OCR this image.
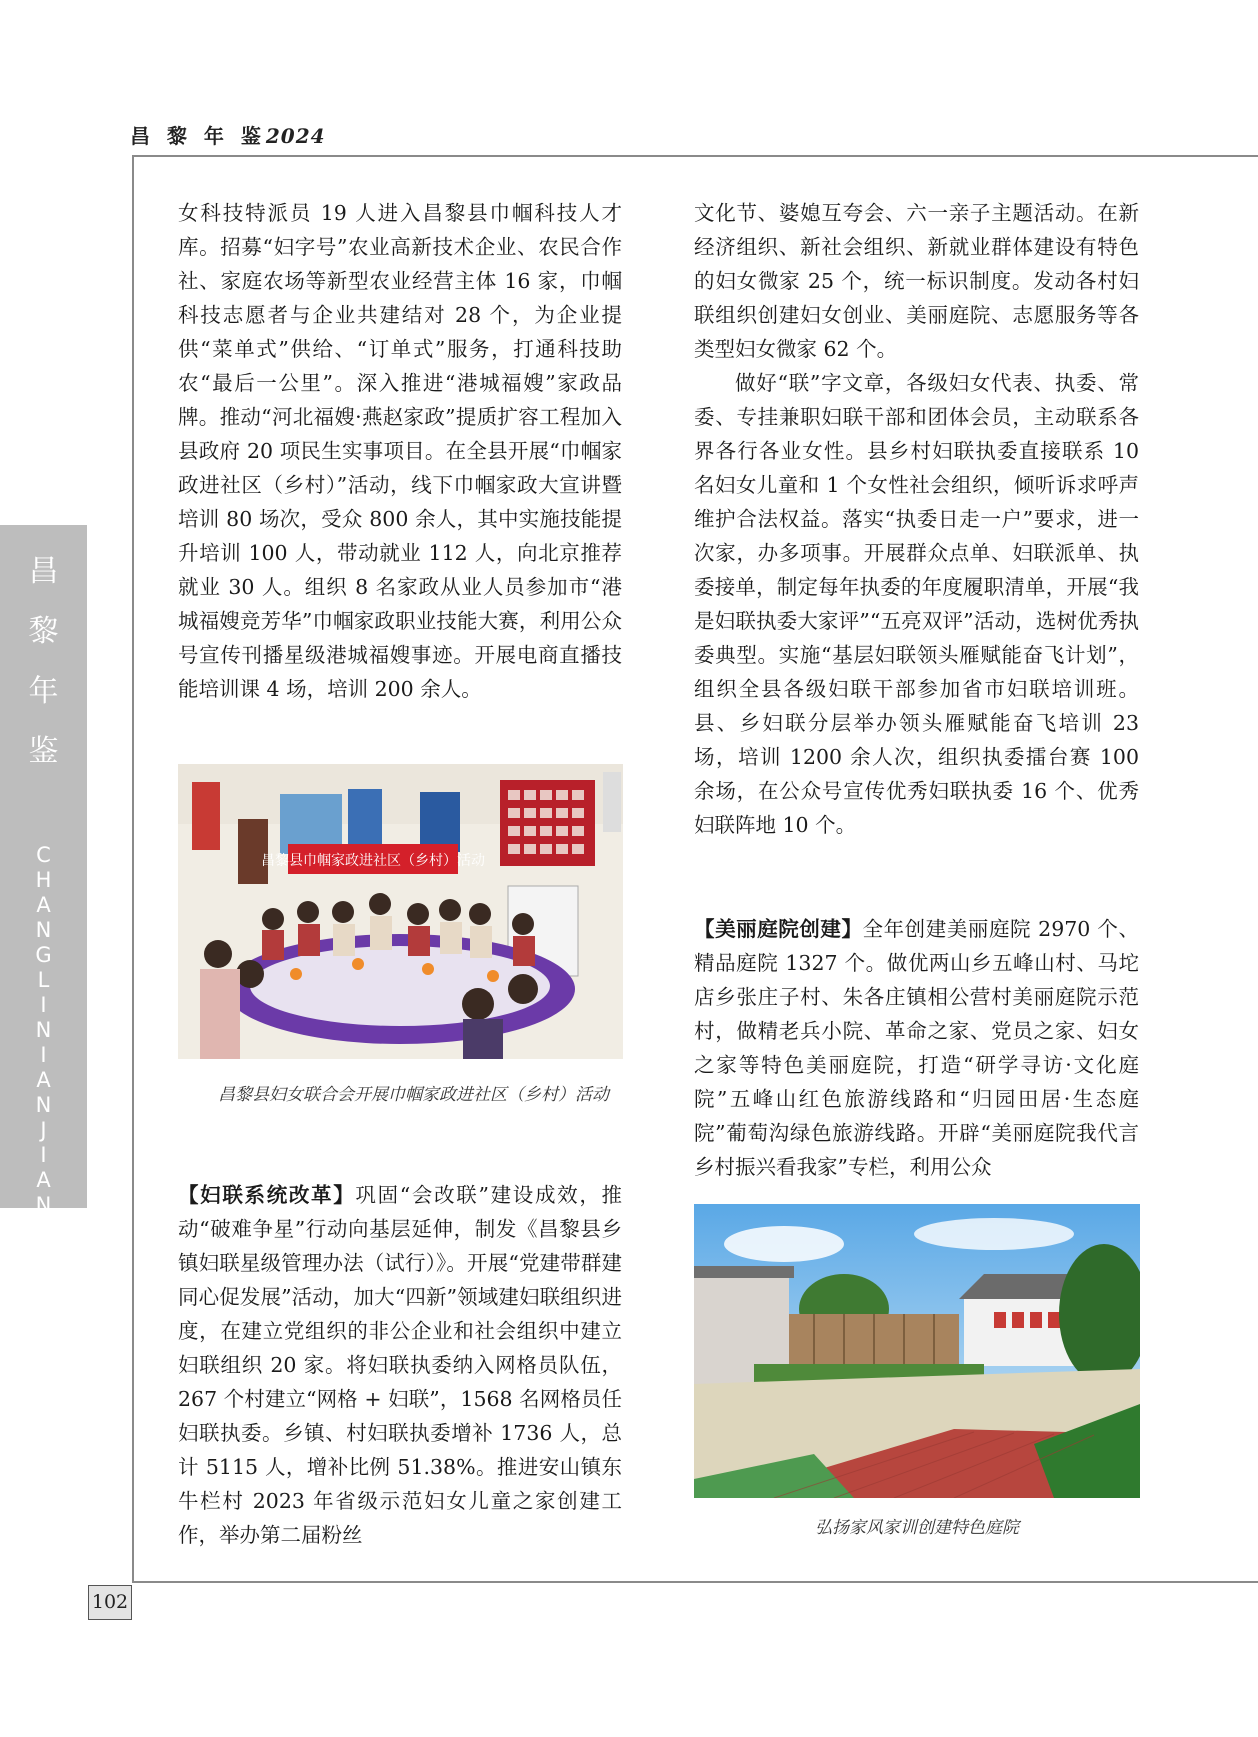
昌 黎 年 鉴2024
昌
黎
年
鉴
C
H
A
N
G
L
I
N
I
A
N
J
I
A
N
102

女科技特派员 19 人进入昌黎县巾帼科技人才库。招募“妇字号”农业高新技术企业、农民合作社、家庭农场等新型农业经营主体 16 家，巾帼科技志愿者与企业共建结对 28 个，为企业提供“菜单式”供给、“订单式”服务，打通科技助农“最后一公里”。深入推进“港城福嫂”家政品牌。推动“河北福嫂·燕赵家政”提质扩容工程加入县政府 20 项民生实事项目。在全县开展“巾帼家政进社区（乡村）”活动，线下巾帼家政大宣讲暨培训 80 场次，受众 800 余人，其中实施技能提升培训 100 人，带动就业 112 人，向北京推荐就业 30 人。组织 8 名家政从业人员参加市“港城福嫂竞芳华”巾帼家政职业技能大赛，利用公众号宣传刊播星级港城福嫂事迹。开展电商直播技能培训课 4 场，培训 200 余人。

昌黎县巾帼家政进社区（乡村）活动
昌黎县妇女联合会开展巾帼家政进社区（乡村）活动

【妇联系统改革】巩固“会改联”建设成效，推动“破难争星”行动向基层延伸，制发《昌黎县乡镇妇联星级管理办法（试行）》。开展“党建带群建 同心促发展”活动，加大“四新”领域建妇联组织进度，在建立党组织的非公企业和社会组织中建立妇联组织 20 家。将妇联执委纳入网格员队伍，267 个村建立“网格 + 妇联”，1568 名网格员任妇联执委。乡镇、村妇联执委增补 1736 人，总计 5115 人，增补比例 51.38%。推进安山镇东牛栏村 2023 年省级示范妇女儿童之家创建工作，举办第二届粉丝

文化节、婆媳互夸会、六一亲子主题活动。在新经济组织、新社会组织、新就业群体建设有特色的妇女微家 25 个，统一标识制度。发动各村妇联组织创建妇女创业、美丽庭院、志愿服务等各类型妇女微家 62 个。

做好“联”字文章，各级妇女代表、执委、常委、专挂兼职妇联干部和团体会员，主动联系各界各行各业女性。县乡村妇联执委直接联系 10 名妇女儿童和 1 个女性社会组织，倾听诉求呼声维护合法权益。落实“执委日走一户”要求，进一次家，办多项事。开展群众点单、妇联派单、执委接单，制定每年执委的年度履职清单，开展“我是妇联执委大家评”“五亮双评”活动，选树优秀执委典型。实施“基层妇联领头雁赋能奋飞计划”，组织全县各级妇联干部参加省市妇联培训班。县、乡妇联分层举办领头雁赋能奋飞培训 23 场，培训 1200 余人次，组织执委擂台赛 100 余场，在公众号宣传优秀妇联执委 16 个、优秀妇联阵地 10 个。

【美丽庭院创建】全年创建美丽庭院 2970 个、精品庭院 1327 个。做优两山乡五峰山村、马坨店乡张庄子村、朱各庄镇相公营村美丽庭院示范村，做精老兵小院、革命之家、党员之家、妇女之家等特色美丽庭院，打造“研学寻访·文化庭院”五峰山红色旅游线路和“归园田居·生态庭院”葡萄沟绿色旅游线路。开辟“美丽庭院我代言 乡村振兴看我家”专栏，利用公众

弘扬家风家训创建特色庭院
